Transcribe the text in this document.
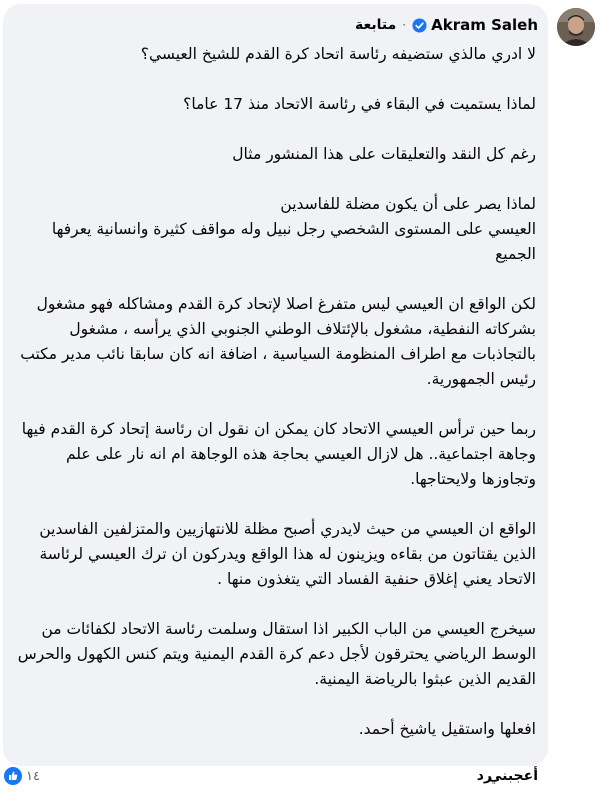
متابعة · Akram Saleh

لا ادري مالذي ستضيفه رئاسة اتحاد كرة القدم للشيخ العيسي؟

لماذا يستميت في البقاء في رئاسة الاتحاد منذ 17 عاما؟

رغم كل النقد والتعليقات على هذا المنشور مثال

لماذا يصر على أن يكون مضلة للفاسدين
العيسي على المستوى الشخصي رجل نبيل وله مواقف كثيرة وانسانية يعرفها الجميع

لكن الواقع ان العيسي ليس متفرغ اصلا لإتحاد كرة القدم ومشاكله فهو مشغول بشركاته النفطية، مشغول بالإئتلاف الوطني الجنوبي الذي يرأسه ، مشغول بالتجاذبات مع اطراف المنظومة السياسية ، اضافة انه كان سابقا نائب مدير مكتب رئيس الجمهورية.

ربما حين ترأس العيسي الاتحاد كان يمكن ان نقول ان رئاسة إتحاد كرة القدم فيها وجاهة اجتماعية.. هل لازال العيسي بحاجة هذه الوجاهة ام انه نار على علم وتجاوزها ولايحتاجها.

الواقع ان العيسي من حيث لايدري أصبح مظلة للانتهازيين والمتزلفين الفاسدين الذين يقتاتون من بقاءه ويزينون له هذا الواقع ويدركون ان ترك العيسي لرئاسة الاتحاد يعني إغلاق حنفية الفساد التي يتغذون منها .

سيخرج العيسي من الباب الكبير اذا استقال وسلمت رئاسة الاتحاد لكفائات من الوسط الرياضي يحترقون لأجل دعم كرة القدم اليمنية ويتم كنس الكهول والحرس القديم الذين عبثوا بالرياضة اليمنية.

افعلها واستقيل ياشيخ أحمد.

أعجبني
رد
١٤
